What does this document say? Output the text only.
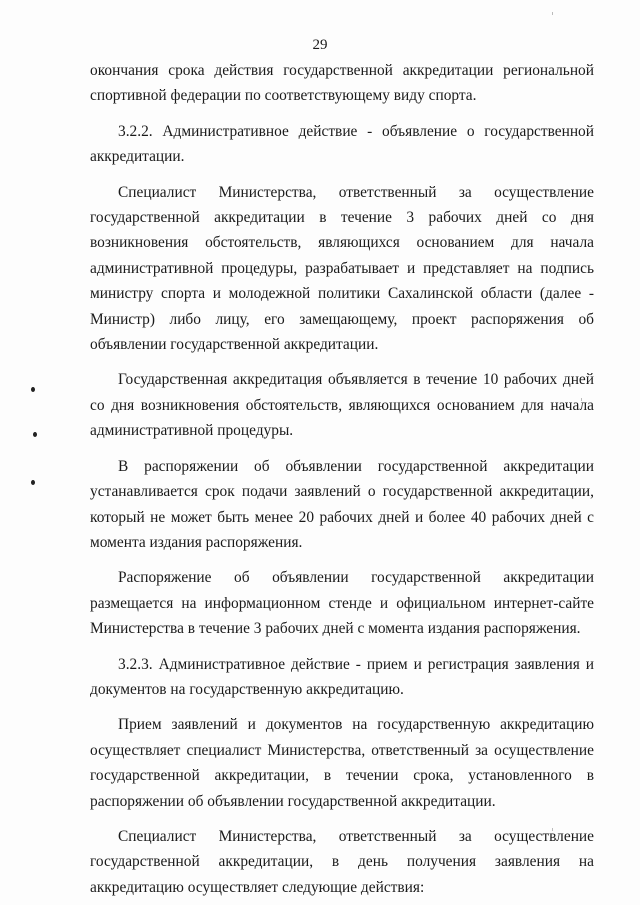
29

окончания срока действия государственной аккредитации региональной спортивной федерации по соответствующему виду спорта.

3.2.2. Административное действие - объявление о государственной аккредитации.

Специалист Министерства, ответственный за осуществление государственной аккредитации в течение 3 рабочих дней со дня возникновения обстоятельств, являющихся основанием для начала административной процедуры, разрабатывает и представляет на подпись министру спорта и молодежной политики Сахалинской области (далее - Министр) либо лицу, его замещающему, проект распоряжения об объявлении государственной аккредитации.

Государственная аккредитация объявляется в течение 10 рабочих дней со дня возникновения обстоятельств, являющихся основанием для начала административной процедуры.

В распоряжении об объявлении государственной аккредитации устанавливается срок подачи заявлений о государственной аккредитации, который не может быть менее 20 рабочих дней и более 40 рабочих дней с момента издания распоряжения.

Распоряжение об объявлении государственной аккредитации размещается на информационном стенде и официальном интернет-сайте Министерства в течение 3 рабочих дней с момента издания распоряжения.

3.2.3. Административное действие - прием и регистрация заявления и документов на государственную аккредитацию.

Прием заявлений и документов на государственную аккредитацию осуществляет специалист Министерства, ответственный за осуществление государственной аккредитации, в течении срока, установленного в распоряжении об объявлении государственной аккредитации.

Специалист Министерства, ответственный за осуществление государственной аккредитации, в день получения заявления на аккредитацию осуществляет следующие действия:
